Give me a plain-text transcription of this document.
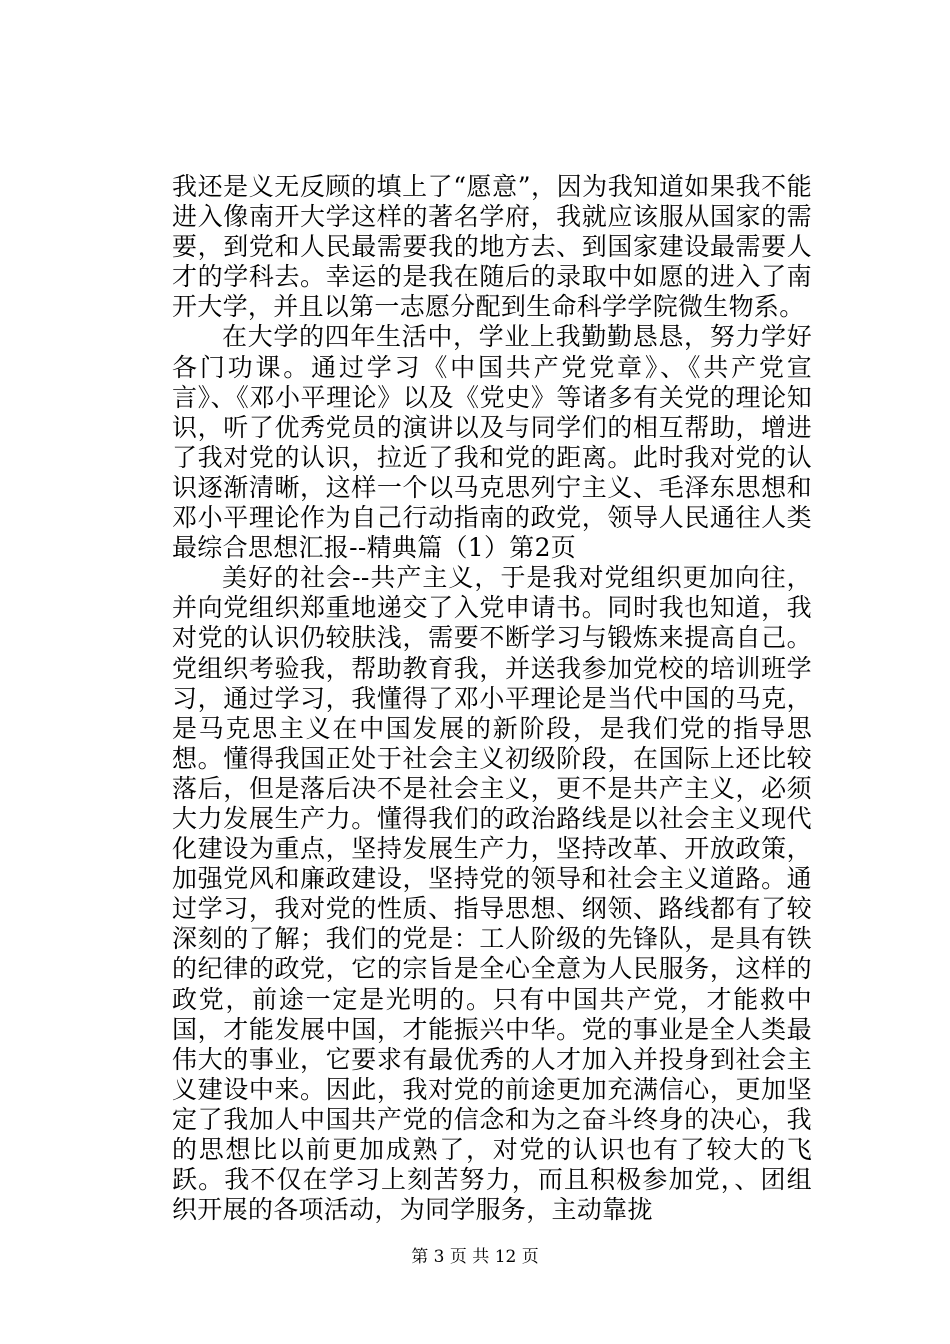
我还是义无反顾的填上了“愿意”，因为我知道如果我不能进入像南开大学这样的著名学府，我就应该服从国家的需要，到党和人民最需要我的地方去、到国家建设最需要人才的学科去。幸运的是我在随后的录取中如愿的进入了南开大学，并且以第一志愿分配到生命科学学院微生物系。

在大学的四年生活中，学业上我勤勤恳恳，努力学好各门功课。通过学习《中国共产党党章》、《共产党宣言》、《邓小平理论》以及《党史》等诸多有关党的理论知识，听了优秀党员的演讲以及与同学们的相互帮助，增进了我对党的认识，拉近了我和党的距离。此时我对党的认识逐渐清晰，这样一个以马克思列宁主义、毛泽东思想和邓小平理论作为自己行动指南的政党，领导人民通往人类最综合思想汇报--精典篇（1）第2页

美好的社会--共产主义，于是我对党组织更加向往，并向党组织郑重地递交了入党申请书。同时我也知道，我对党的认识仍较肤浅，需要不断学习与锻炼来提高自己。党组织考验我，帮助教育我，并送我参加党校的培训班学习，通过学习，我懂得了邓小平理论是当代中国的马克，是马克思主义在中国发展的新阶段，是我们党的指导思想。懂得我国正处于社会主义初级阶段，在国际上还比较落后，但是落后决不是社会主义，更不是共产主义，必须大力发展生产力。懂得我们的政治路线是以社会主义现代化建设为重点，坚持发展生产力，坚持改革、开放政策，加强党风和廉政建设，坚持党的领导和社会主义道路。通过学习，我对党的性质、指导思想、纲领、路线都有了较深刻的了解；我们的党是：工人阶级的先锋队，是具有铁的纪律的政党，它的宗旨是全心全意为人民服务，这样的政党，前途一定是光明的。只有中国共产党，才能救中国，才能发展中国，才能振兴中华。党的事业是全人类最伟大的事业，它要求有最优秀的人才加入并投身到社会主义建设中来。因此，我对党的前途更加充满信心，更加坚定了我加人中国共产党的信念和为之奋斗终身的决心，我的思想比以前更加成熟了，对党的认识也有了较大的飞跃。我不仅在学习上刻苦努力，而且积极参加党，、团组织开展的各项活动，为同学服务，主动靠拢

第 3 页 共 12 页
